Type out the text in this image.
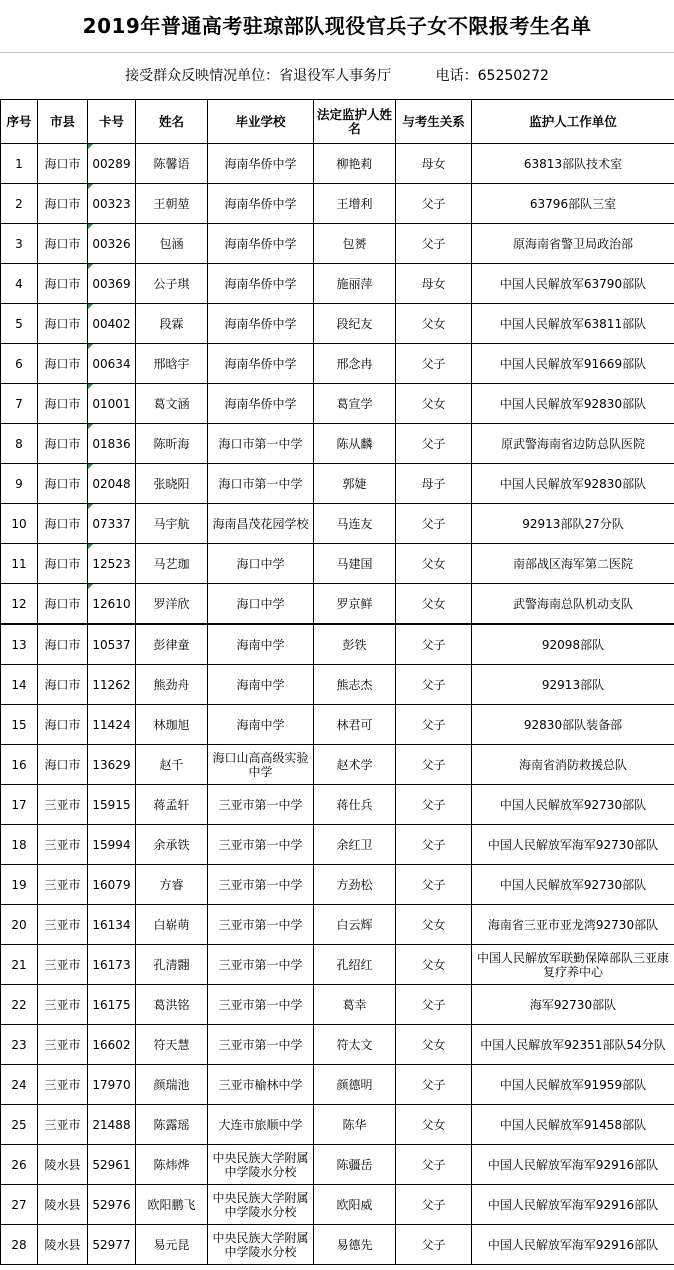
2019年普通高考驻琼部队现役官兵子女不限报考生名单
接受群众反映情况单位：省退役军人事务厅	电话：65250272
序号	市县	卡号	姓名	毕业学校	法定监护人姓名	与考生关系	监护人工作单位
1	海口市	00289	陈馨语	海南华侨中学	柳艳莉	母女	63813部队技术室
2	海口市	00323	王朝堃	海南华侨中学	王增利	父子	63796部队三室
3	海口市	00326	包涵	海南华侨中学	包赟	父子	原海南省警卫局政治部
4	海口市	00369	公子琪	海南华侨中学	施丽萍	母女	中国人民解放军63790部队
5	海口市	00402	段霖	海南华侨中学	段纪友	父女	中国人民解放军63811部队
6	海口市	00634	邢晗宇	海南华侨中学	邢念冉	父子	中国人民解放军91669部队
7	海口市	01001	葛文涵	海南华侨中学	葛宣学	父女	中国人民解放军92830部队
8	海口市	01836	陈昕海	海口市第一中学	陈从麟	父子	原武警海南省边防总队医院
9	海口市	02048	张晓阳	海口市第一中学	郭婕	母子	中国人民解放军92830部队
10	海口市	07337	马宇航	海南昌茂花园学校	马连友	父子	92913部队27分队
11	海口市	12523	马艺珈	海口中学	马建国	父女	南部战区海军第二医院
12	海口市	12610	罗洋欣	海口中学	罗京鲜	父女	武警海南总队机动支队
13	海口市	10537	彭律童	海南中学	彭铁	父子	92098部队
14	海口市	11262	熊劲舟	海南中学	熊志杰	父子	92913部队
15	海口市	11424	林珈旭	海南中学	林君可	父子	92830部队装备部
16	海口市	13629	赵千	海口山高高级实验中学	赵术学	父子	海南省消防救援总队
17	三亚市	15915	蒋孟轩	三亚市第一中学	蒋仕兵	父子	中国人民解放军92730部队
18	三亚市	15994	余承铁	三亚市第一中学	余红卫	父子	中国人民解放军海军92730部队
19	三亚市	16079	方睿	三亚市第一中学	方劲松	父子	中国人民解放军92730部队
20	三亚市	16134	白崭萌	三亚市第一中学	白云辉	父女	海南省三亚市亚龙湾92730部队
21	三亚市	16173	孔清翾	三亚市第一中学	孔绍红	父女	中国人民解放军联勤保障部队三亚康复疗养中心
22	三亚市	16175	葛洪铭	三亚市第一中学	葛幸	父子	海军92730部队
23	三亚市	16602	符天慧	三亚市第一中学	符太文	父女	中国人民解放军92351部队54分队
24	三亚市	17970	颜瑞池	三亚市榆林中学	颜德明	父子	中国人民解放军91959部队
25	三亚市	21488	陈露瑶	大连市旅顺中学	陈华	父女	中国人民解放军91458部队
26	陵水县	52961	陈炜烨	中央民族大学附属中学陵水分校	陈疆岳	父子	中国人民解放军海军92916部队
27	陵水县	52976	欧阳鹏飞	中央民族大学附属中学陵水分校	欧阳威	父子	中国人民解放军海军92916部队
28	陵水县	52977	易元昆	中央民族大学附属中学陵水分校	易德先	父子	中国人民解放军海军92916部队
